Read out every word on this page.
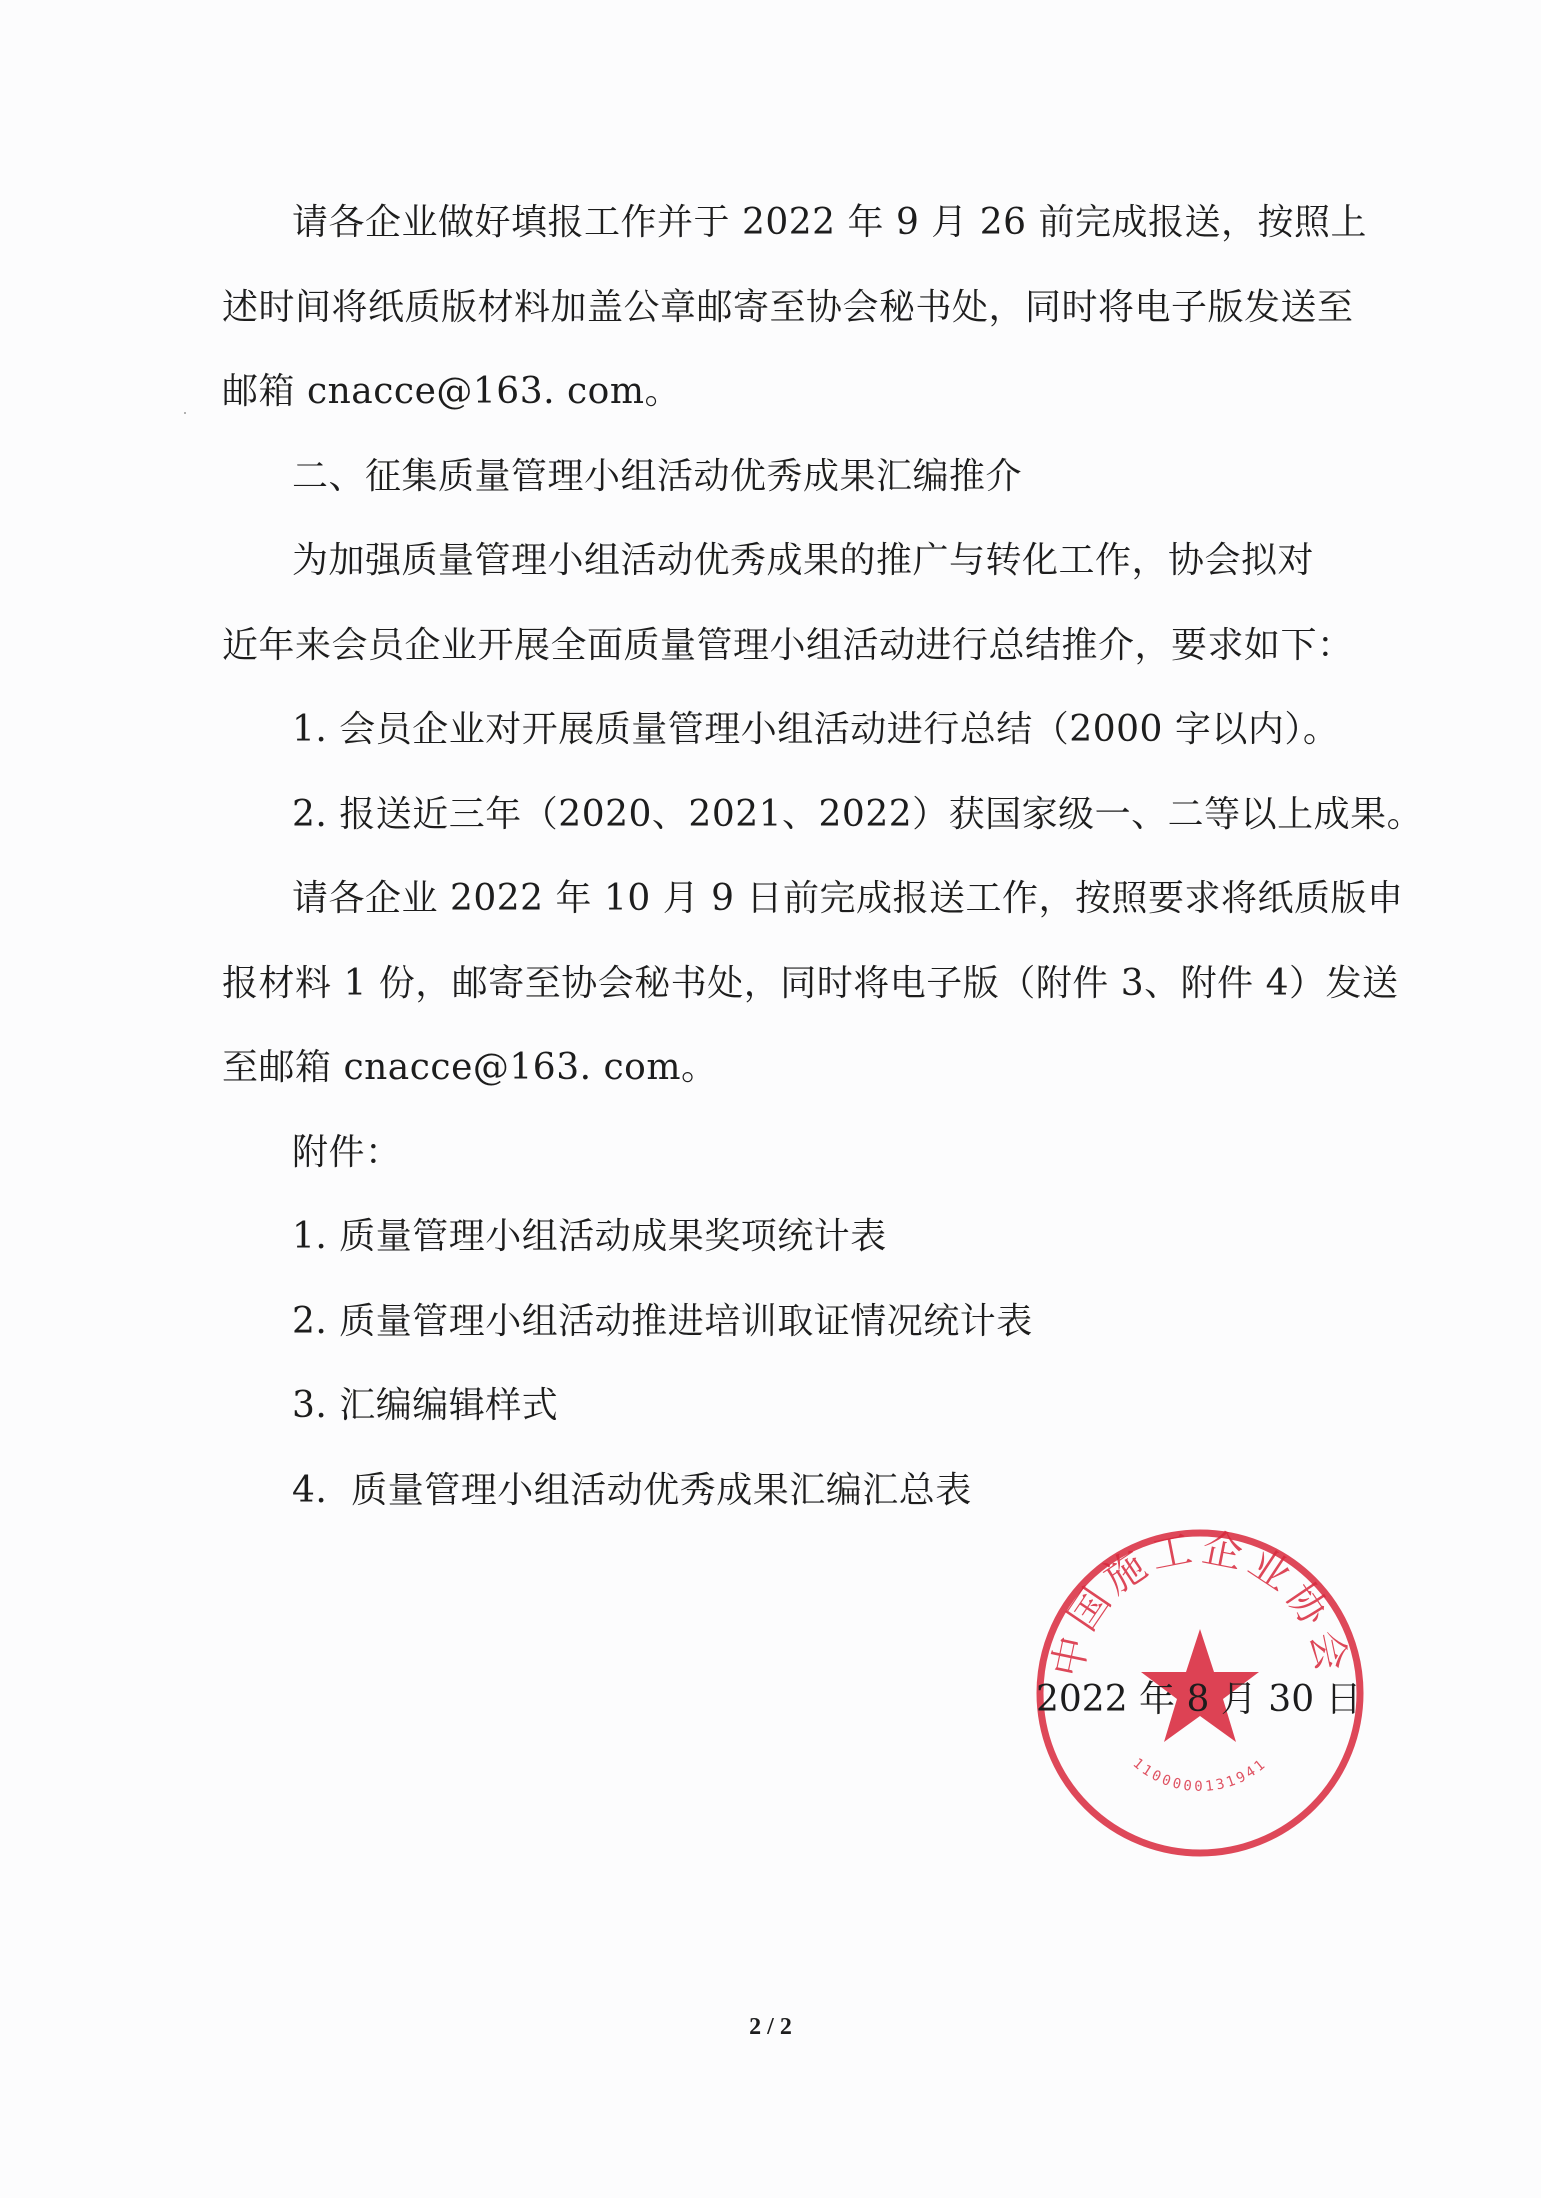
请各企业做好填报工作并于 2022 年 9 月 26 前完成报送，按照上
述时间将纸质版材料加盖公章邮寄至协会秘书处，同时将电子版发送至
邮箱 cnacce@163. com。
二、征集质量管理小组活动优秀成果汇编推介
为加强质量管理小组活动优秀成果的推广与转化工作，协会拟对
近年来会员企业开展全面质量管理小组活动进行总结推介，要求如下：
1. 会员企业对开展质量管理小组活动进行总结（2000 字以内）。
2. 报送近三年（2020、2021、2022）获国家级一、二等以上成果。
请各企业 2022 年 10 月 9 日前完成报送工作，按照要求将纸质版申
报材料 1 份，邮寄至协会秘书处，同时将电子版（附件 3、附件 4）发送
至邮箱 cnacce@163. com。
附件：
1. 质量管理小组活动成果奖项统计表
2. 质量管理小组活动推进培训取证情况统计表
3. 汇编编辑样式
4.  质量管理小组活动优秀成果汇编汇总表
中国施工企业协会
1100000131941
2022 年 8 月 30 日
2 / 2
